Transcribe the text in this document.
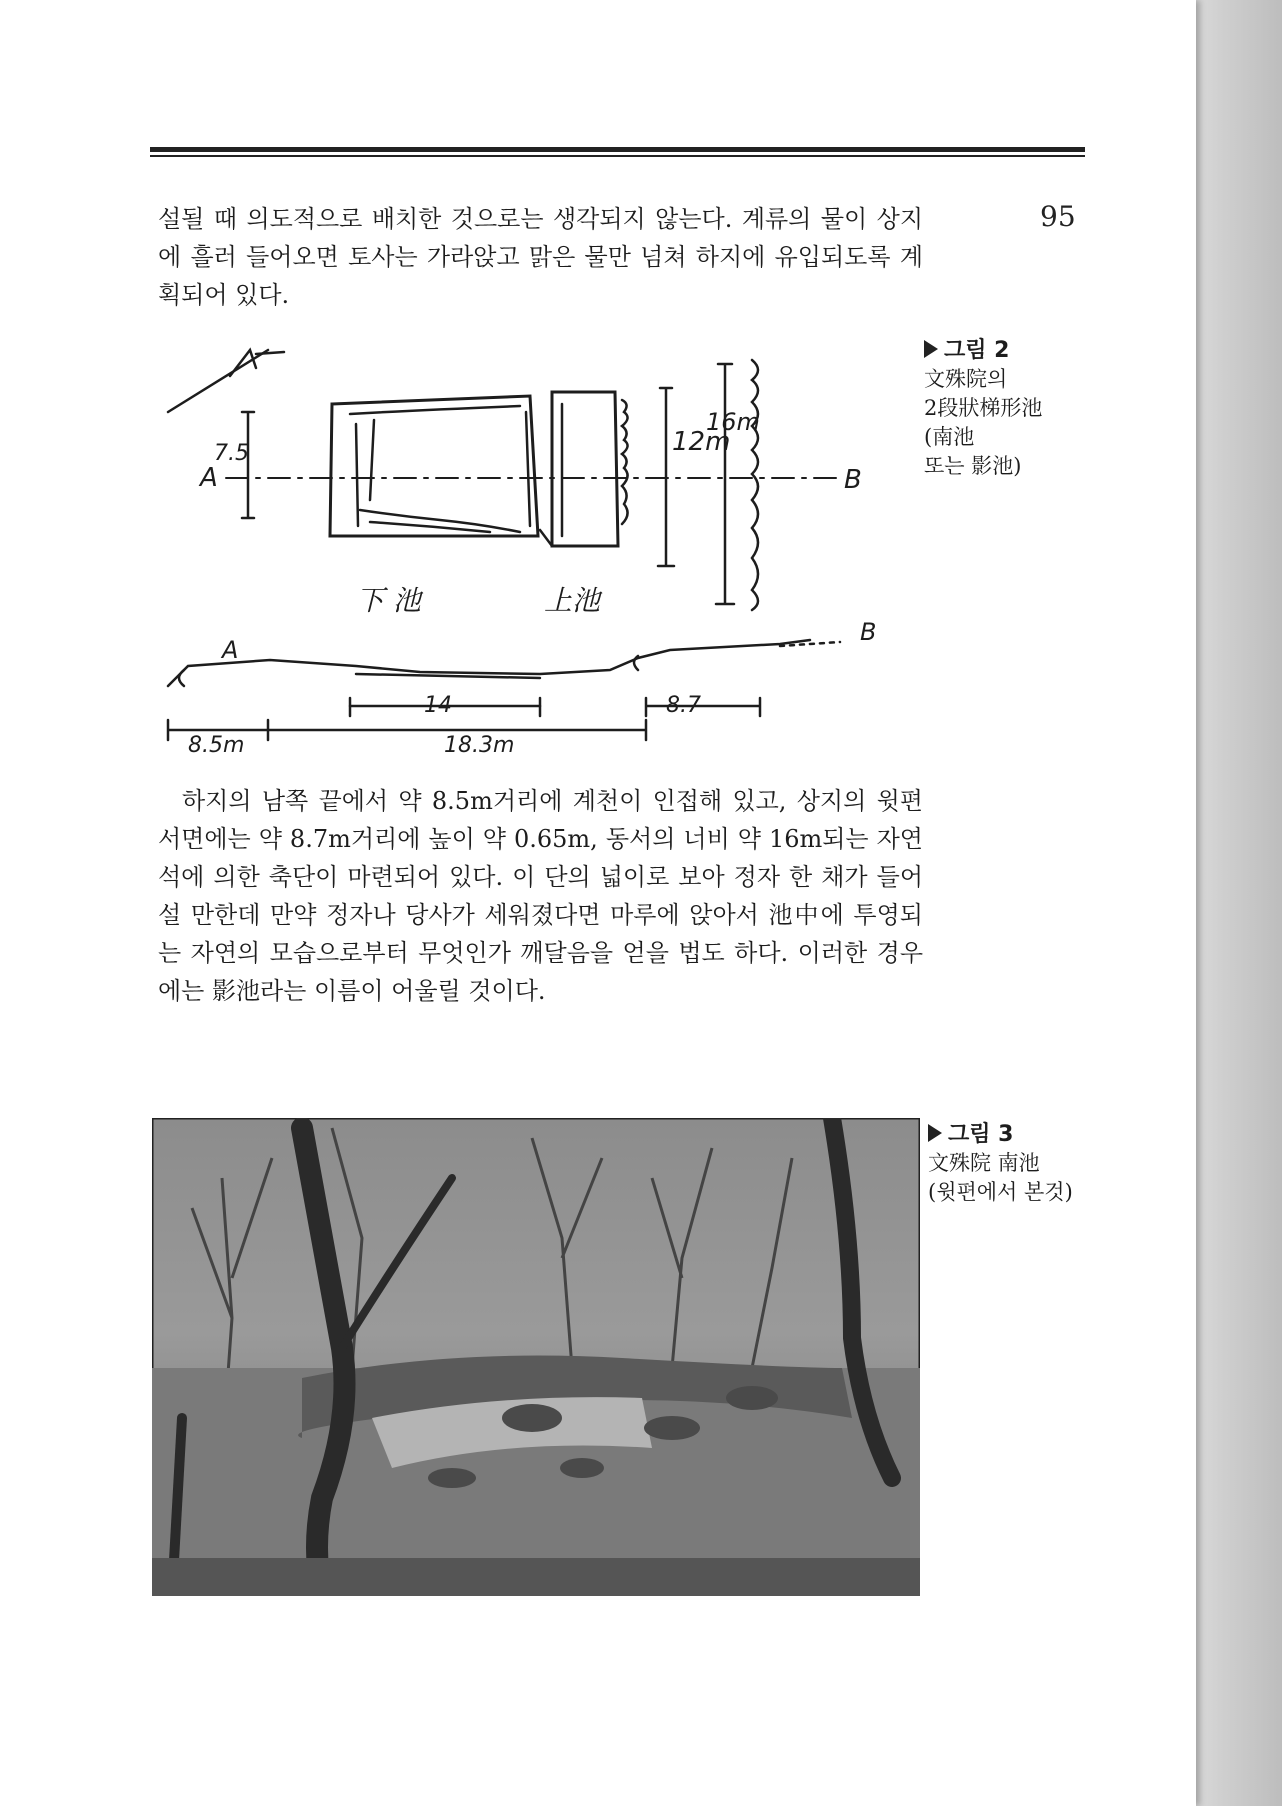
95

설될 때 의도적으로 배치한 것으로는 생각되지 않는다. 계류의 물이 상지에 흘러 들어오면 토사는 가라앉고 맑은 물만 넘쳐 하지에 유입되도록 계획되어 있다.

A	B
7.5	12m
16m
下 池	上池
A
B
14	8.7
8.5m	18.3m
그림 2
文殊院의
2段狀梯形池
(南池
또는 影池)

하지의 남쪽 끝에서 약 8.5m거리에 계천이 인접해 있고, 상지의 윗편 서면에는 약 8.7m거리에 높이 약 0.65m, 동서의 너비 약 16m되는 자연석에 의한 축단이 마련되어 있다. 이 단의 넓이로 보아 정자 한 채가 들어설 만한데 만약 정자나 당사가 세워졌다면 마루에 앉아서 池中에 투영되는 자연의 모습으로부터 무엇인가 깨달음을 얻을 법도 하다. 이러한 경우에는 影池라는 이름이 어울릴 것이다.

그림 3
文殊院 南池
(윗편에서 본것)
